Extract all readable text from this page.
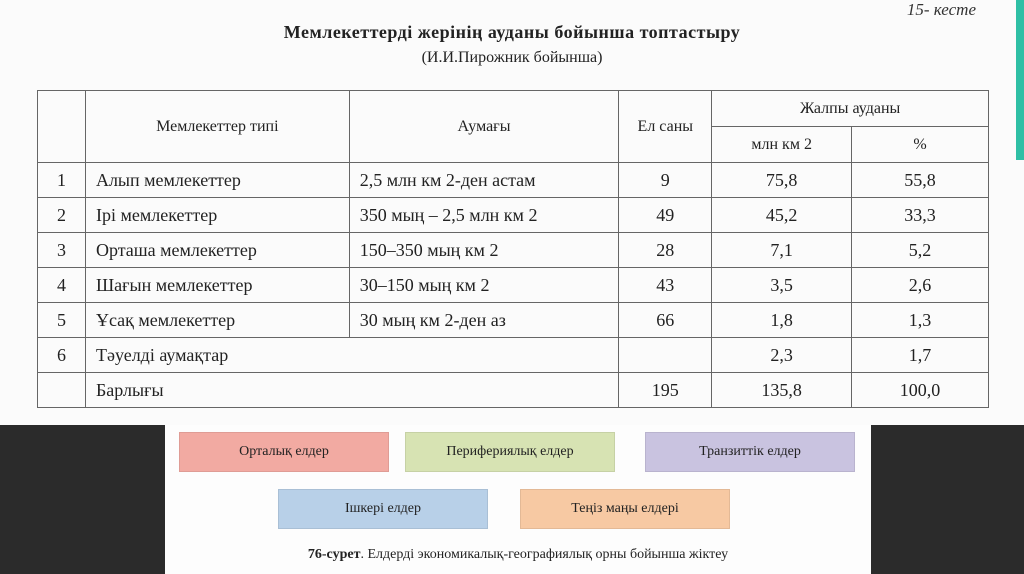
15- кесте
Мемлекеттерді жерінің ауданы бойынша топтастыру
(И.И.Пирожник бойынша)
	Мемлекеттер типі	Аумағы	Ел саны	Жалпы ауданы	
				млн км 2	%
1	Алып мемлекеттер	2,5 млн км 2-ден астам	9	75,8	55,8
2	Ірі мемлекеттер	350 мың – 2,5 млн км 2	49	45,2	33,3
3	Орташа мемлекеттер	150–350 мың км 2	28	7,1	5,2
4	Шағын мемлекеттер	30–150 мың км 2	43	3,5	2,6
5	Ұсақ мемлекеттер	30 мың км 2-ден аз	66	1,8	1,3
6	Тәуелді аумақтар			2,3	1,7
	Барлығы		195	135,8	100,0
Орталық елдер	Перифериялық елдер	Транзиттік елдер
Ішкері елдер	Теңіз маңы елдері
76-сурет. Елдерді экономикалық-географиялық орны бойынша жіктеу
